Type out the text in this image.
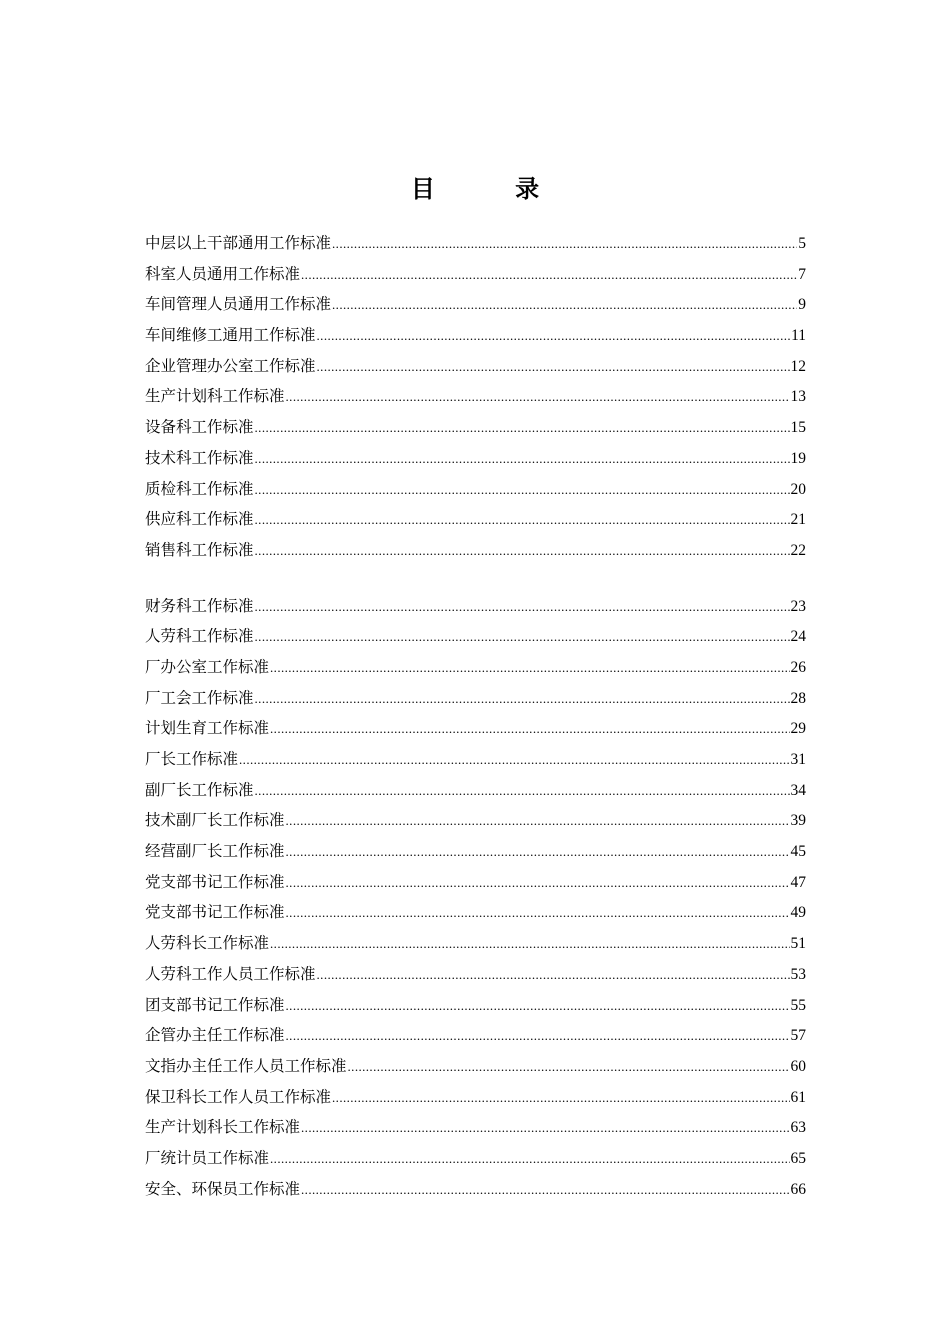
目 录
中层以上干部通用工作标准 .....	5
科室人员通用工作标准 .....	7
车间管理人员通用工作标准 .....	9
车间维修工通用工作标准 .....	11
企业管理办公室工作标准 .....	12
生产计划科工作标准 .....	13
设备科工作标准 .....	15
技术科工作标准 .....	19
质检科工作标准 .....	20
供应科工作标准 .....	21
销售科工作标准 .....	22
财务科工作标准 .....	23
人劳科工作标准 .....	24
厂办公室工作标准 .....	26
厂工会工作标准 .....	28
计划生育工作标准 .....	29
厂长工作标准 .....	31
副厂长工作标准 .....	34
技术副厂长工作标准 .....	39
经营副厂长工作标准 .....	45
党支部书记工作标准 .....	47
党支部书记工作标准 .....	49
人劳科长工作标准 .....	51
人劳科工作人员工作标准 .....	53
团支部书记工作标准 .....	55
企管办主任工作标准 .....	57
文指办主任工作人员工作标准 .....	60
保卫科长工作人员工作标准 .....	61
生产计划科长工作标准 .....	63
厂统计员工作标准 .....	65
安全、环保员工作标准 .....	66
